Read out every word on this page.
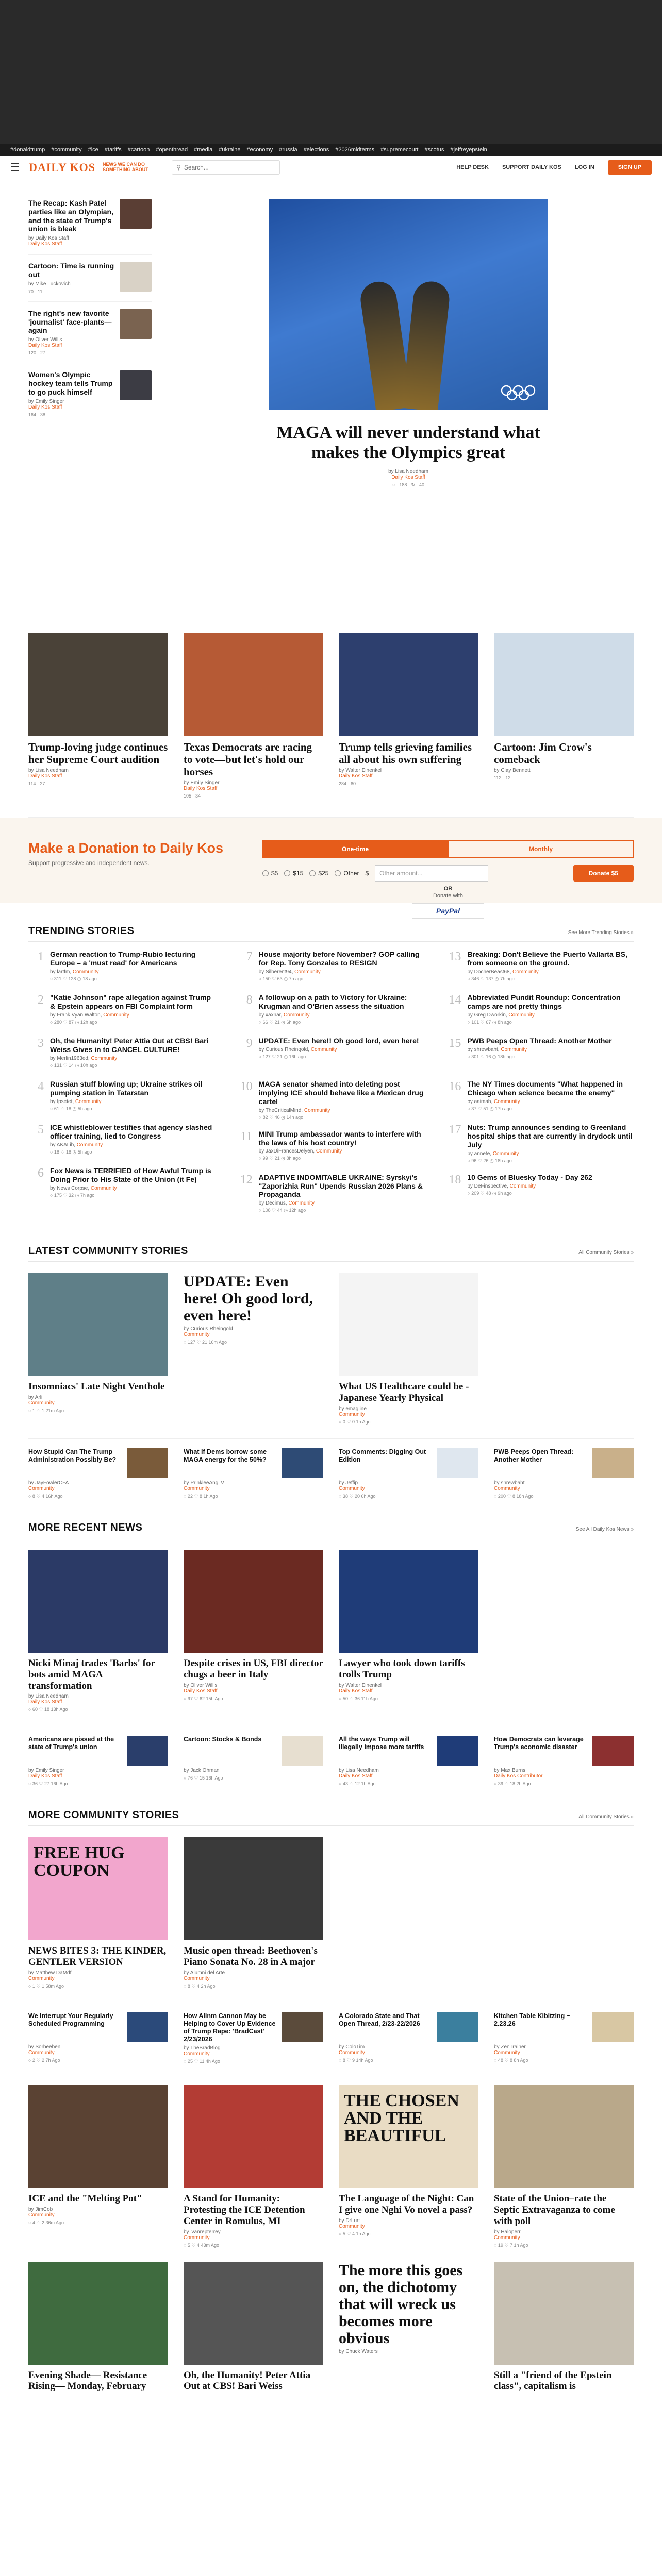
#donaldtrump #community #ice #tariffs #cartoon #openthread #media #ukraine #economy #russia #elections #2026midterms #supremecourt #scotus #jeffreyepstein
☰ DAILY KOS NEWS WE CAN DO SOMETHING ABOUT	⚲
Search...	HELP DESK SUPPORT DAILY KOS LOG IN	SIGN UP
The Recap: Kash Patel parties like an Olympian, and the state of Trump's union is bleak
by Daily Kos Staff
Daily Kos Staff
Cartoon: Time is running out
by Mike Luckovich
70 11
The right's new favorite 'journalist' face-plants—again
by Oliver Willis
Daily Kos Staff
120 27
Women's Olympic hockey team tells Trump to go puck himself
by Emily Singer
Daily Kos Staff
164 38
MAGA will never understand what makes the Olympics great
by Lisa Needham
Daily Kos Staff
○ 188 ↻ 40
Trump-loving judge continues her Supreme Court audition
by Lisa Needham
Daily Kos Staff
114 27
Texas Democrats are racing to vote—but let's hold our horses
by Emily Singer
Daily Kos Staff
105 34
Trump tells grieving families all about his own suffering
by Walter Einenkel
Daily Kos Staff
284 60
Cartoon: Jim Crow's comeback
by Clay Bennett
112 12
Make a Donation to Daily Kos

Support progressive and independent news.

One-time	Monthly
$5 $15 $25 Other $	Other amount...	Donate $5
OR
Donate with
PayPal
TRENDING STORIES	See More Trending Stories »
1 German reaction to Trump-Rubio lecturing Europe – a 'must read' for Americans
by lartfm, Community
○ 311 ♡ 128 ◷ 18 ago
2 "Katie Johnson" rape allegation against Trump & Epstein appears on FBI Complaint form
by Frank Vyan Walton, Community
○ 280 ♡ 87 ◷ 12h ago
3 Oh, the Humanity! Peter Attia Out at CBS! Bari Weiss Gives in to CANCEL CULTURE!
by Merlin1963ed, Community
○ 131 ♡ 14 ◷ 10h ago
4 Russian stuff blowing up; Ukraine strikes oil pumping station in Tatarstan
by Ipsetet, Community
○ 61 ♡ 18 ◷ 5h ago
5 ICE whistleblower testifies that agency slashed officer training, lied to Congress
by AKALib, Community
○ 18 ♡ 18 ◷ 5h ago
6 Fox News is TERRIFIED of How Awful Trump is Doing Prior to His State of the Union (it Fe)
by News Corpse, Community
○ 175 ♡ 32 ◷ 7h ago
7 House majority before November? GOP calling for Rep. Tony Gonzales to RESIGN
by Silberent94, Community
○ 150 ♡ 63 ◷ 7h ago
8 A followup on a path to Victory for Ukraine: Krugman and O'Brien assess the situation
by xaxnar, Community
○ 66 ♡ 21 ◷ 6h ago
9 UPDATE: Even here!! Oh good lord, even here!
by Curious Rheingold, Community
○ 127 ♡ 21 ◷ 16h ago
10 MAGA senator shamed into deleting post implying ICE should behave like a Mexican drug cartel
by TheCriticalMind, Community
○ 82 ♡ 46 ◷ 14h ago
11 MINI Trump ambassador wants to interfere with the laws of his host country!
by JaxDiFrancesDelyen, Community
○ 99 ♡ 21 ◷ 8h ago
12 ADAPTIVE INDOMITABLE UKRAINE: Syrskyi's "Zaporizhia Run" Upends Russian 2026 Plans & Propaganda
by Decimus, Community
○ 108 ♡ 44 ◷ 12h ago
13 Breaking: Don't Believe the Puerto Vallarta BS, from someone on the ground.
by DocherBeast68, Community
○ 346 ♡ 137 ◷ 7h ago
14 Abbreviated Pundit Roundup: Concentration camps are not pretty things
by Greg Dworkin, Community
○ 101 ♡ 67 ◷ 8h ago
15 PWB Peeps Open Thread: Another Mother
by shrewbaht, Community
○ 301 ♡ 16 ◷ 18h ago
16 The NY Times documents "What happened in Chicago when science became the enemy"
by aaimah, Community
○ 37 ♡ 51 ◷ 17h ago
17 Nuts: Trump announces sending to Greenland hospital ships that are currently in drydock until July
by annete, Community
○ 96 ♡ 26 ◷ 18h ago
18 10 Gems of Bluesky Today - Day 262
by DeFinspective, Community
○ 209 ♡ 48 ◷ 9h ago
LATEST COMMUNITY STORIES	All Community Stories »
Insomniacs' Late Night Venthole
by Arli
Community
○ 1 ♡ 1 21m Ago
UPDATE: Even here! Oh good lord, even here!
by Curious Rheingold
Community
○ 127 ♡ 21 16m Ago
What US Healthcare could be - Japanese Yearly Physical
by emagline
Community
○ 0 ♡ 0 1h Ago
How Stupid Can The Trump Administration Possibly Be?
by JayFowlerCFA
Community
○ 8 ♡ 4 16h Ago
What If Dems borrow some MAGA energy for the 50%?
by PrinkleeAngLV
Community
○ 22 ♡ 8 1h Ago
Top Comments: Digging Out Edition
by Jeffip
Community
○ 38 ♡ 20 6h Ago
PWB Peeps Open Thread: Another Mother
by shrewbaht
Community
○ 200 ♡ 8 18h Ago
MORE RECENT NEWS	See All Daily Kos News »
Nicki Minaj trades 'Barbs' for bots amid MAGA transformation
by Lisa Needham
Daily Kos Staff
○ 60 ♡ 18 13h Ago
Despite crises in US, FBI director chugs a beer in Italy
by Oliver Willis
Daily Kos Staff
○ 97 ♡ 62 15h Ago
Lawyer who took down tariffs trolls Trump
by Walter Einenkel
Daily Kos Staff
○ 50 ♡ 36 11h Ago
Americans are pissed at the state of Trump's union
by Emily Singer
Daily Kos Staff
○ 36 ♡ 27 16h Ago
Cartoon: Stocks & Bonds
by Jack Ohman
○ 76 ♡ 15 16h Ago
All the ways Trump will illegally impose more tariffs
by Lisa Needham
Daily Kos Staff
○ 43 ♡ 12 1h Ago
How Democrats can leverage Trump's economic disaster
by Max Burns
Daily Kos Contributor
○ 39 ♡ 18 2h Ago
MORE COMMUNITY STORIES	All Community Stories »
FREE HUG COUPON
NEWS BITES 3: THE KINDER, GENTLER VERSION
by Matthew DaMdf
Community
○ 1 ♡ 1 58m Ago
Music open thread: Beethoven's Piano Sonata No. 28 in A major
by Alumni del Arte
Community
○ 8 ♡ 4 2h Ago
We Interrupt Your Regularly Scheduled Programming
by Sorbeeben
Community
○ 2 ♡ 2 7h Ago
How Alinm Cannon May be Helping to Cover Up Evidence of Trump Rape: 'BradCast' 2/23/2026
by TheBradBlog
Community
○ 25 ♡ 11 4h Ago
A Colorado State and That Open Thread, 2/23-22/2026
by ColoTim
Community
○ 8 ♡ 9 14h Ago
Kitchen Table Kibitzing ~ 2.23.26
by ZenTrainer
Community
○ 48 ♡ 8 8h Ago
ICE and the "Melting Pot"
by JimCob
Community
○ 4 ♡ 2 36m Ago
A Stand for Humanity: Protesting the ICE Detention Center in Romulus, MI
by ivanrepterrey
Community
○ 5 ♡ 4 43m Ago
THE CHOSEN AND THE BEAUTIFUL
The Language of the Night: Can I give one Nghi Vo novel a pass?
by DrLurt
Community
○ 5 ♡ 4 1h Ago
State of the Union–rate the Septic Extravaganza to come with poll
by Haloperr
Community
○ 19 ♡ 7 1h Ago
Evening Shade— Resistance Rising— Monday, February
Oh, the Humanity! Peter Attia Out at CBS! Bari Weiss
The more this goes on, the dichotomy that will wreck us becomes more obvious
by Chuck Waters
Still a "friend of the Epstein class", capitalism is
